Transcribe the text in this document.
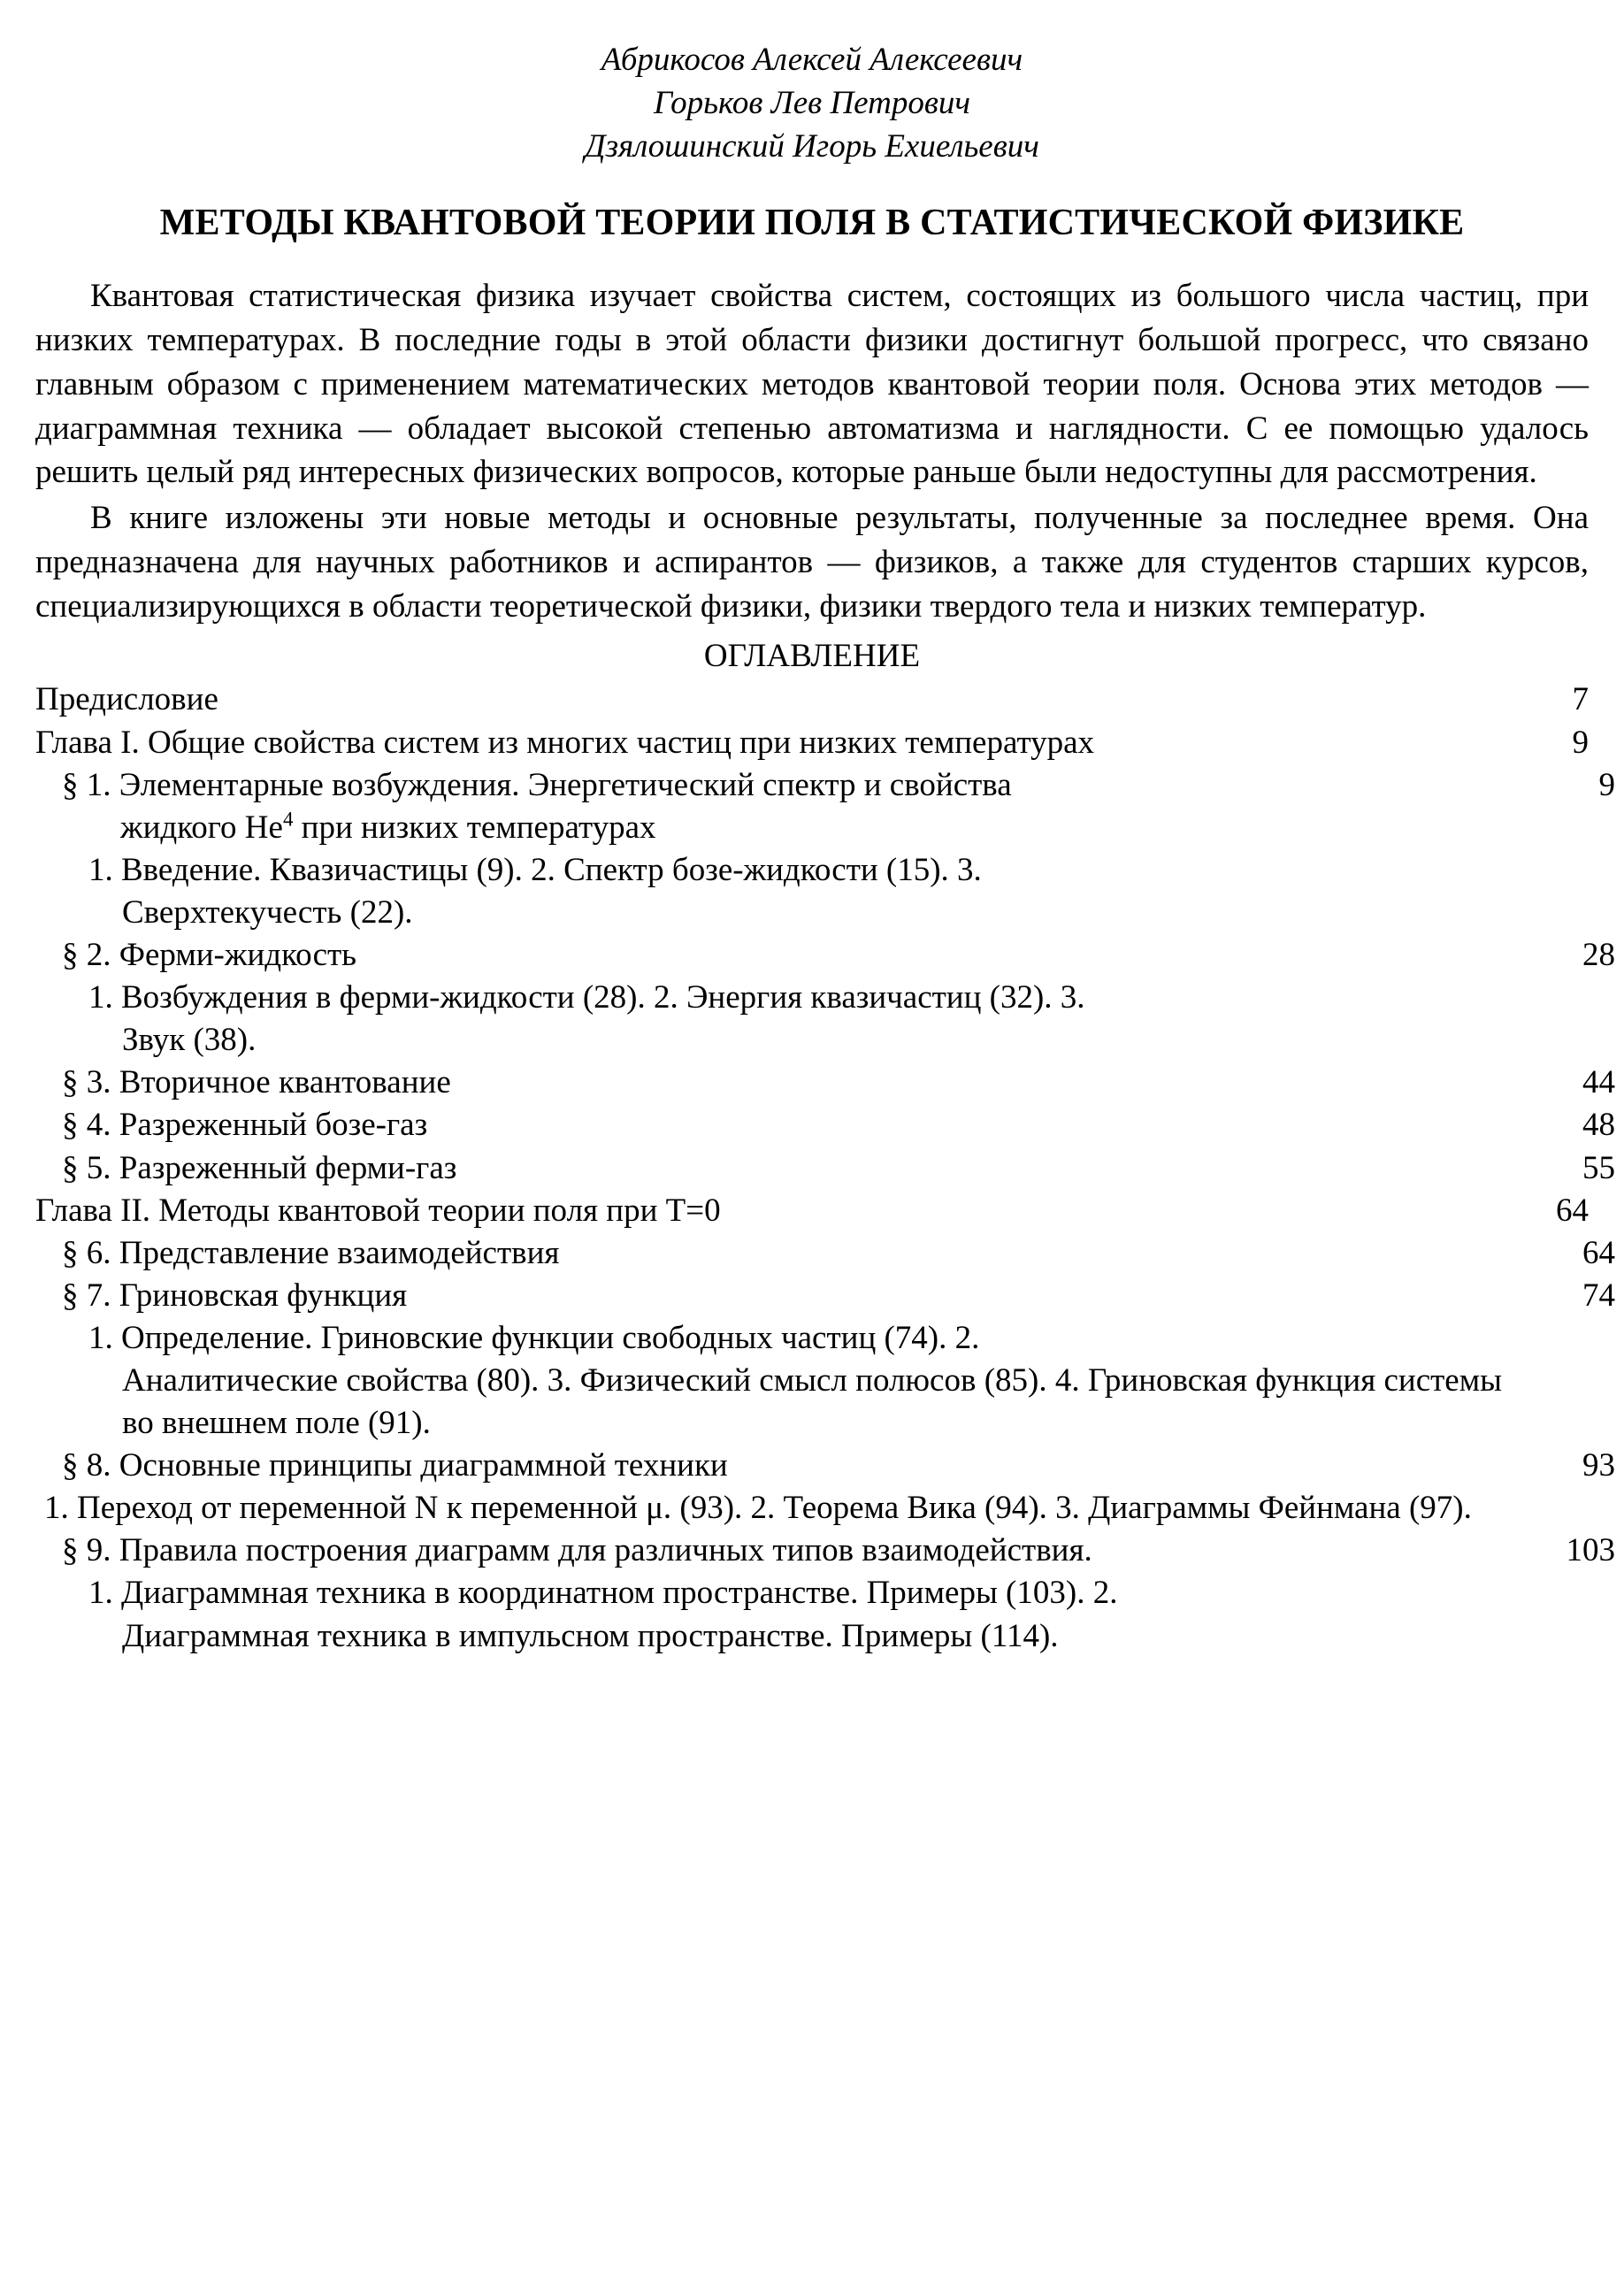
Абрикосов Алексей Алексеевич
Горьков Лев Петрович
Дзялошинский Игорь Ехиельевич
МЕТОДЫ КВАНТОВОЙ ТЕОРИИ ПОЛЯ В СТАТИСТИЧЕСКОЙ ФИЗИКЕ

Квантовая статистическая физика изучает свойства систем, состоящих из большого числа частиц, при низких температурах. В последние годы в этой области физики достигнут большой прогресс, что связано главным образом с применением математических методов квантовой теории поля. Основа этих методов — диаграммная техника — обладает высокой степенью автоматизма и наглядности. С ее помощью удалось решить целый ряд интересных физических вопросов, которые раньше были недоступны для рассмотрения.

В книге изложены эти новые методы и основные результаты, полученные за последнее время. Она предназначена для научных работников и аспирантов — физиков, а также для студентов старших курсов, специализирующихся в области теоретической физики, физики твердого тела и низких температур.

ОГЛАВЛЕНИЕ
Предисловие	7
Глава I. Общие свойства систем из многих частиц при низких температурах	9
§ 1. Элементарные возбуждения. Энергетический спектр и свойства	9
жидкого He$^4$ при низких температурах
1. Введение. Квазичастицы (9). 2. Спектр бозе-жидкости (15). 3.
Сверхтекучесть (22).
§ 2. Ферми-жидкость	28
1. Возбуждения в ферми-жидкости (28). 2. Энергия квазичастиц (32). 3.
Звук (38).
§ 3. Вторичное квантование	44
§ 4. Разреженный бозе-газ	48
§ 5. Разреженный ферми-газ	55
Глава II. Методы квантовой теории поля при T=0	64
§ 6. Представление взаимодействия	64
§ 7. Гриновская функция	74
1. Определение. Гриновские функции свободных частиц (74). 2.
Аналитические свойства (80). 3. Физический смысл полюсов (85). 4. Гриновская функция системы во внешнем поле (91).
§ 8. Основные принципы диаграммной техники	93
1. Переход от переменной N к переменной μ. (93). 2. Теорема Вика (94). 3. Диаграммы Фейнмана (97).
§ 9. Правила построения диаграмм для различных типов взаимодействия.	103
1. Диаграммная техника в координатном пространстве. Примеры (103). 2.
Диаграммная техника в импульсном пространстве. Примеры (114).
